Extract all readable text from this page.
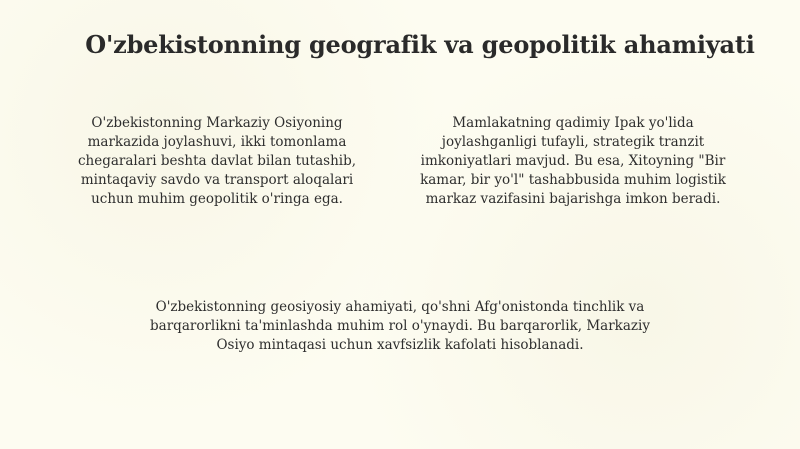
O'zbekistonning geografik va geopolitik ahamiyati
O'zbekistonning Markaziy Osiyoning markazida joylashuvi, ikki tomonlama chegaralari beshta davlat bilan tutashib, mintaqaviy savdo va transport aloqalari uchun muhim geopolitik o'ringa ega.
Mamlakatning qadimiy Ipak yo'lida joylashganligi tufayli, strategik tranzit imkoniyatlari mavjud. Bu esa, Xitoyning "Bir kamar, bir yo'l" tashabbusida muhim logistik markaz vazifasini bajarishga imkon beradi.
O'zbekistonning geosiyosiy ahamiyati, qo'shni Afg'onistonda tinchlik va barqarorlikni ta'minlashda muhim rol o'ynaydi. Bu barqarorlik, Markaziy Osiyo mintaqasi uchun xavfsizlik kafolati hisoblanadi.
